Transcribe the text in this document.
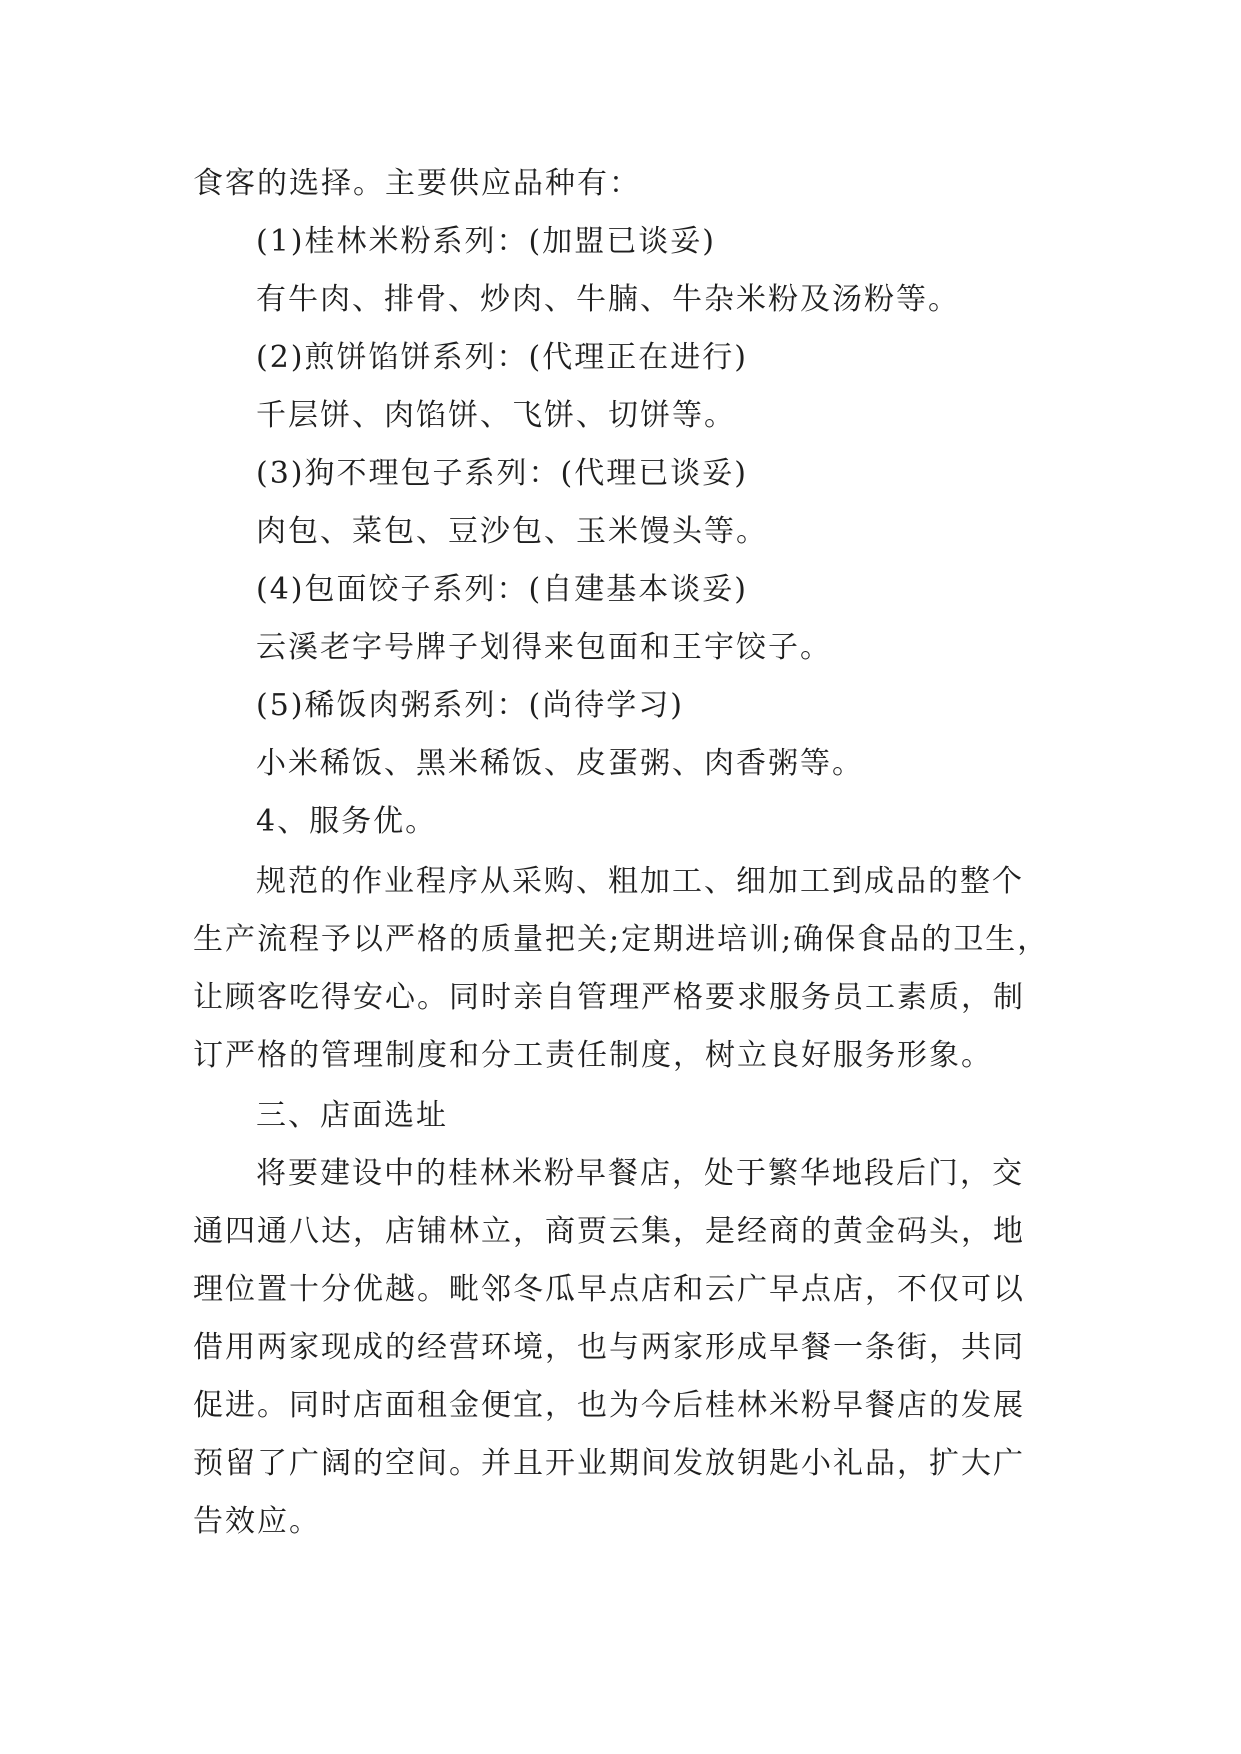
食客的选择。主要供应品种有：
(1)桂林米粉系列：(加盟已谈妥)
有牛肉、排骨、炒肉、牛腩、牛杂米粉及汤粉等。
(2)煎饼馅饼系列：(代理正在进行)
千层饼、肉馅饼、飞饼、切饼等。
(3)狗不理包子系列：(代理已谈妥)
肉包、菜包、豆沙包、玉米馒头等。
(4)包面饺子系列：(自建基本谈妥)
云溪老字号牌子划得来包面和王宇饺子。
(5)稀饭肉粥系列：(尚待学习)
小米稀饭、黑米稀饭、皮蛋粥、肉香粥等。
4、服务优。
规范的作业程序从采购、粗加工、细加工到成品的整个
生产流程予以严格的质量把关;定期进培训;确保食品的卫生，
让顾客吃得安心。同时亲自管理严格要求服务员工素质，制
订严格的管理制度和分工责任制度，树立良好服务形象。
三、店面选址
将要建设中的桂林米粉早餐店，处于繁华地段后门，交
通四通八达，店铺林立，商贾云集，是经商的黄金码头，地
理位置十分优越。毗邻冬瓜早点店和云广早点店，不仅可以
借用两家现成的经营环境，也与两家形成早餐一条街，共同
促进。同时店面租金便宜，也为今后桂林米粉早餐店的发展
预留了广阔的空间。并且开业期间发放钥匙小礼品，扩大广
告效应。
